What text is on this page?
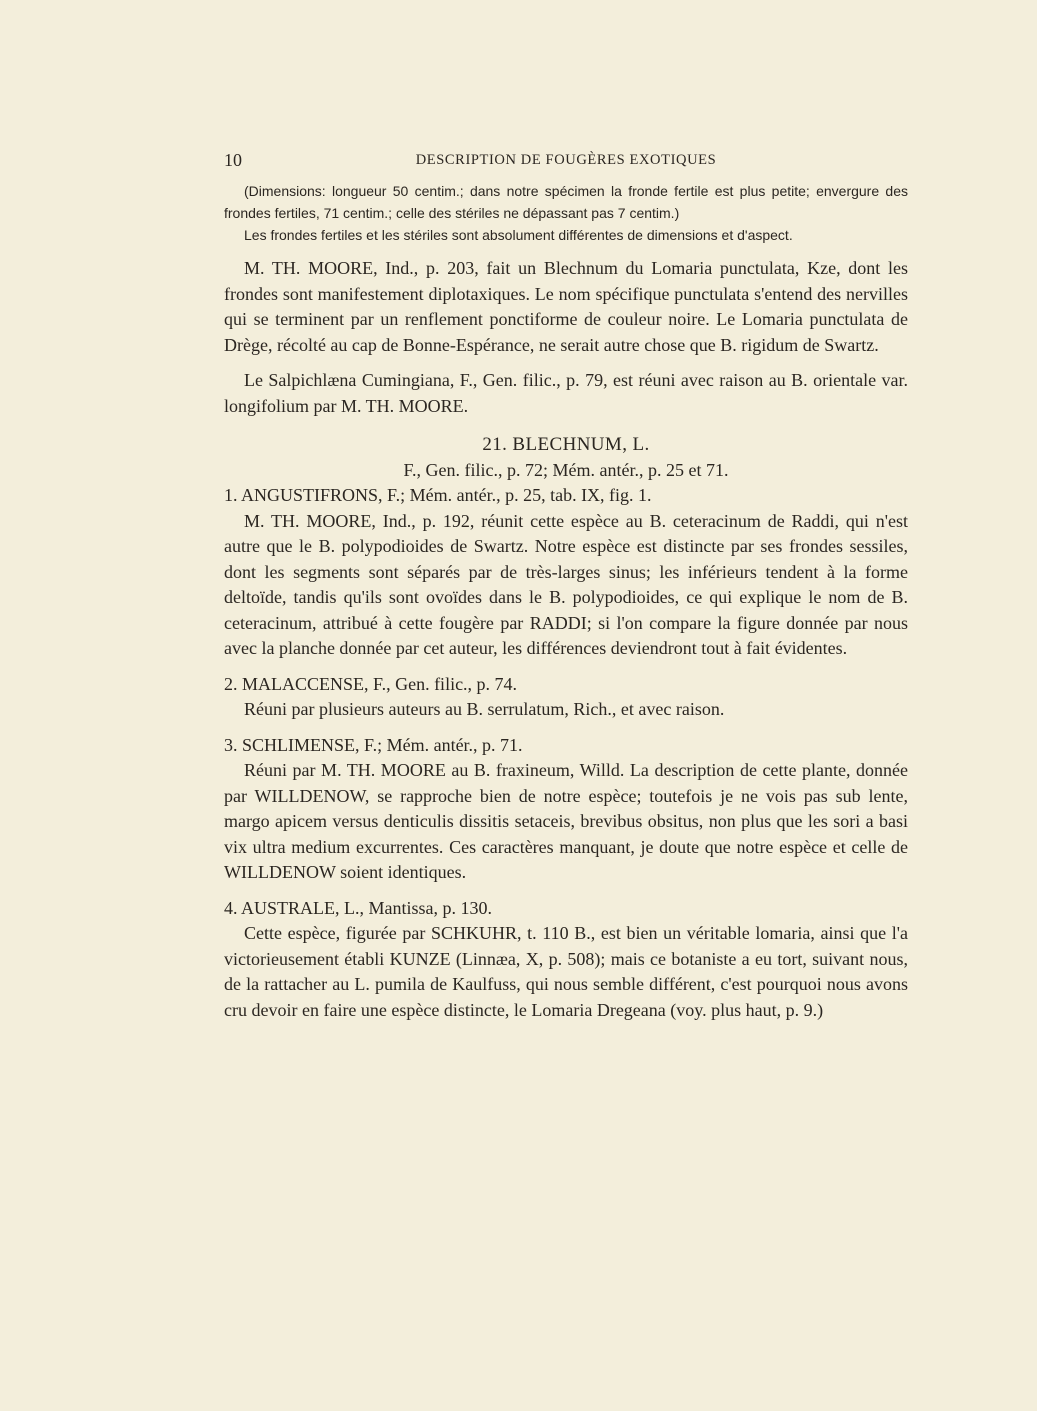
10	DESCRIPTION DE FOUGÈRES EXOTIQUES

(Dimensions: longueur 50 centim.; dans notre spécimen la fronde fertile est plus petite; envergure des frondes fertiles, 71 centim.; celle des stériles ne dépassant pas 7 centim.)

Les frondes fertiles et les stériles sont absolument différentes de dimensions et d'aspect.

M. TH. MOORE, Ind., p. 203, fait un Blechnum du Lomaria punctulata, Kze, dont les frondes sont manifestement diplotaxiques. Le nom spécifique punctulata s'entend des nervilles qui se terminent par un renflement ponctiforme de couleur noire. Le Lomaria punctulata de Drège, récolté au cap de Bonne-Espérance, ne serait autre chose que B. rigidum de Swartz.

Le Salpichlæna Cumingiana, F., Gen. filic., p. 79, est réuni avec raison au B. orientale var. longifolium par M. TH. MOORE.

21. BLECHNUM, L.

F., Gen. filic., p. 72; Mém. antér., p. 25 et 71.

1. ANGUSTIFRONS, F.; Mém. antér., p. 25, tab. IX, fig. 1.

M. TH. MOORE, Ind., p. 192, réunit cette espèce au B. ceteracinum de Raddi, qui n'est autre que le B. polypodioides de Swartz. Notre espèce est distincte par ses frondes sessiles, dont les segments sont séparés par de très-larges sinus; les inférieurs tendent à la forme deltoïde, tandis qu'ils sont ovoïdes dans le B. polypodioides, ce qui explique le nom de B. ceteracinum, attribué à cette fougère par RADDI; si l'on compare la figure donnée par nous avec la planche donnée par cet auteur, les différences deviendront tout à fait évidentes.

2. MALACCENSE, F., Gen. filic., p. 74.

Réuni par plusieurs auteurs au B. serrulatum, Rich., et avec raison.

3. SCHLIMENSE, F.; Mém. antér., p. 71.

Réuni par M. TH. MOORE au B. fraxineum, Willd. La description de cette plante, donnée par WILLDENOW, se rapproche bien de notre espèce; toutefois je ne vois pas sub lente, margo apicem versus denticulis dissitis setaceis, brevibus obsitus, non plus que les sori a basi vix ultra medium excurrentes. Ces caractères manquant, je doute que notre espèce et celle de WILLDENOW soient identiques.

4. AUSTRALE, L., Mantissa, p. 130.

Cette espèce, figurée par SCHKUHR, t. 110 B., est bien un véritable lomaria, ainsi que l'a victorieusement établi KUNZE (Linnæa, X, p. 508); mais ce botaniste a eu tort, suivant nous, de la rattacher au L. pumila de Kaulfuss, qui nous semble différent, c'est pourquoi nous avons cru devoir en faire une espèce distincte, le Lomaria Dregeana (voy. plus haut, p. 9.)
